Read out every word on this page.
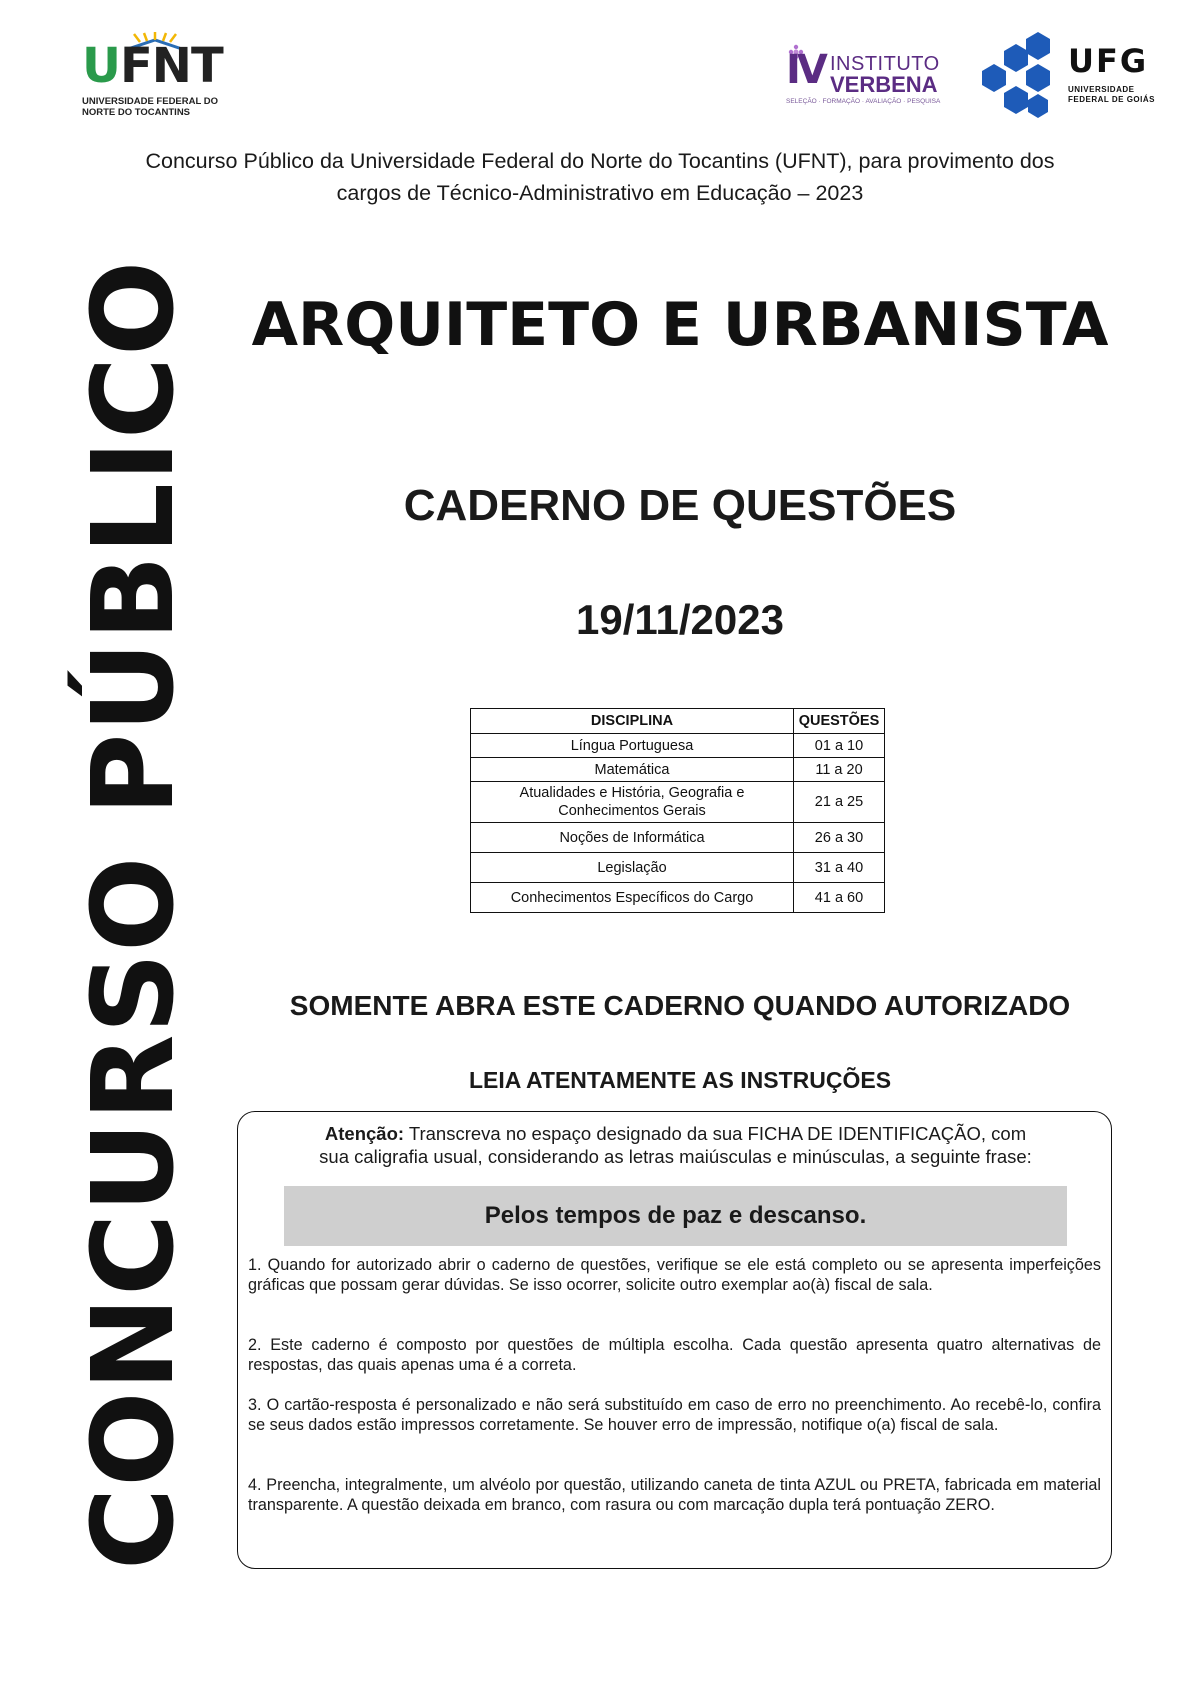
UFNT
UNIVERSIDADE FEDERAL DO NORTE DO TOCANTINS
IV INSTITUTO
VERBENA
SELEÇÃO · FORMAÇÃO · AVALIAÇÃO · PESQUISA
UFG
UNIVERSIDADE
FEDERAL DE GOIÁS
Concurso Público da Universidade Federal do Norte do Tocantins (UFNT), para provimento dos
cargos de Técnico-Administrativo em Educação – 2023
CONCURSO PÚBLICO ARQUITETO E URBANISTA
CADERNO DE QUESTÕES
19/11/2023
DISCIPLINA	QUESTÕES
Língua Portuguesa	01 a 10
Matemática	11 a 20
Atualidades e História, Geografia e Conhecimentos Gerais	21 a 25
Noções de Informática	26 a 30
Legislação	31 a 40
Conhecimentos Específicos do Cargo	41 a 60
SOMENTE ABRA ESTE CADERNO QUANDO AUTORIZADO
LEIA ATENTAMENTE AS INSTRUÇÕES
Atenção: Transcreva no espaço designado da sua FICHA DE IDENTIFICAÇÃO, com
sua caligrafia usual, considerando as letras maiúsculas e minúsculas, a seguinte frase:
Pelos tempos de paz e descanso.
1. Quando for autorizado abrir o caderno de questões, verifique se ele está completo ou se apresenta imperfeições gráficas que possam gerar dúvidas. Se isso ocorrer, solicite outro exemplar ao(à) fiscal de sala.
2. Este caderno é composto por questões de múltipla escolha. Cada questão apresenta quatro alternativas de respostas, das quais apenas uma é a correta.
3. O cartão-resposta é personalizado e não será substituído em caso de erro no preenchimento. Ao recebê-lo, confira se seus dados estão impressos corretamente. Se houver erro de impressão, notifique o(a) fiscal de sala.
4. Preencha, integralmente, um alvéolo por questão, utilizando caneta de tinta AZUL ou PRETA, fabricada em material transparente. A questão deixada em branco, com rasura ou com marcação dupla terá pontuação ZERO.
